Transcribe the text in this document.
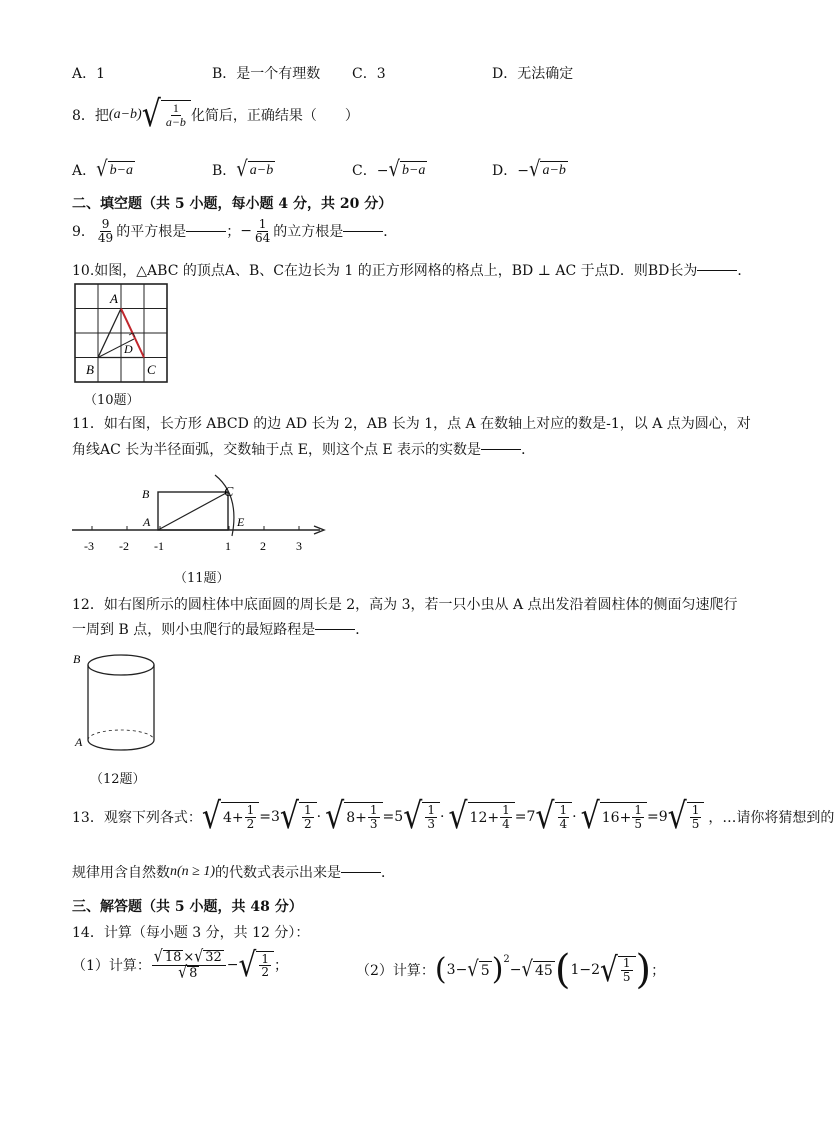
A．1	B．是一个有理数 C．3	D．无法确定
8．把 (a−b) √ $\frac{1}{a-b}$ 化简后，正确结果（　　）
A． √ b−a	B． √ a−b	C．− √ b−a	D．− √ a−b
二、填空题（共 5 小题，每小题 4 分，共 20 分）
9． $\frac{9}{49}$ 的平方根是	； − $\frac{1}{64}$ 的立方根是	．
10.如图，△ABC 的顶点A、B、C在边长为 1 的正方形网格的格点上，BD ⊥ AC 于点D．则BD长为	．
A
B	C
D
（10题）
11．如右图，长方形 ABCD 的边 AD 长为 2，AB 长为 1，点 A 在数轴上对应的数是-1，以 A 点为圆心，对
角线AC 长为半径面弧，交数轴于点 E，则这个点 E 表示的实数是	．
B
A
C
E
-3 -2 -1	1 2	3
（11题）
12．如右图所示的圆柱体中底面圆的周长是 2，高为 3，若一只小虫从 A 点出发沿着圆柱体的侧面匀速爬行
一周到 B 点，则小虫爬行的最短路程是	．
B
A
（12题）
13．观察下列各式： √ $4 + \frac{1}{2} = 3$ √ $\frac{1}{2}$ · √ $8 + \frac{1}{3} = 5$ √ $\frac{1}{3}$ · √ $12 + \frac{1}{4} = 7$ √ $\frac{1}{4}$ · √ $16 + \frac{1}{5} = 9$ √ $\frac{1}{5}$ ，…请你将猜想到的
规律用含自然数 n (n ≥ 1) 的代数式表示出来是	．
三、解答题（共 5 小题，共 48 分）
14．计算（每小题 3 分，共 12 分）：
（1）计算： $\frac{√ 18 \times √ 32}{√ 8}$ − √ $\frac{1}{2}$ ；	（2）计算： ( 3 − √ 5 )$^2$
− √ 45 ( 1 − 2 √ $\frac{1}{5}$ ) ；
